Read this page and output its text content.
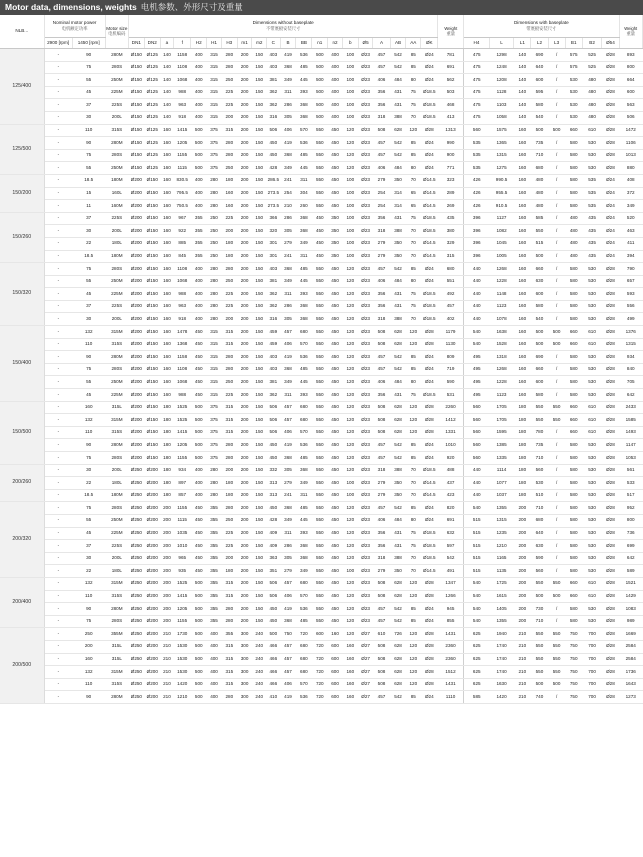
Motor data, dimensions, weights 电机参数、外形尺寸及重量
NLB...	Nominal motor power
电机额定功率		Motor size
电机编码	Dimensions without baseplate
不带底板安装尺寸																				Weight
重量	Dimensions with baseplate
带底板安装尺寸								Weight
重量

	2900 [rpm]	1450 [rpm]		DN1	DN2	a	f	H2	H1	H3	m1	m2	C	B	BB	n1	n2	b	Ø5	A	AB	AA	ØK		H4	L	L1	L2	L3	B1	B2	Ø54	
125/400	-	90	280M	Ø150	Ø125	140	1158	400	315	280	200	150	403	419	536	500	400	100	Ø23	457	542	85	Ø24	781	475	1298	140	690	/	575	525	Ø28	893
	-	75	280S	Ø150	Ø125	140	1108	400	315	280	200	150	403	368	485	500	400	100	Ø23	457	542	85	Ø24	691	475	1248	140	640	/	575	525	Ø28	800
	-	55	250M	Ø150	Ø125	140	1068	400	315	250	200	150	381	349	445	500	400	100	Ø23	406	484	80	Ø24	562	475	1208	140	600	/	530	480	Ø28	664
	-	45	225M	Ø150	Ø125	140	988	400	315	225	200	150	362	311	393	500	400	100	Ø23	356	431	75	Ø18.5	503	475	1128	140	595	/	530	480	Ø28	600
	-	37	225S	Ø150	Ø125	140	963	400	315	225	200	150	362	286	368	500	400	100	Ø23	356	431	75	Ø18.5	468	475	1103	140	580	/	530	480	Ø28	563
	-	30	200L	Ø150	Ø125	140	918	400	315	200	200	150	316	305	368	500	400	100	Ø23	318	388	70	Ø18.5	413	475	1058	140	540	/	530	480	Ø28	506
125/500	-	110	315S	Ø150	Ø125	160	1415	500	375	315	200	150	506	406	570	550	450	120	Ø23	508	628	120	Ø28	1313	560	1575	160	500	500	660	610	Ø28	1472
	-	90	280M	Ø150	Ø125	160	1205	500	375	280	200	150	450	419	536	550	450	120	Ø23	457	542	85	Ø24	990	535	1365	160	735	/	580	530	Ø28	1106
	-	75	280S	Ø150	Ø125	160	1155	500	375	280	200	150	450	368	485	550	450	120	Ø23	457	542	85	Ø24	900	535	1315	160	710	/	580	530	Ø28	1013
	-	55	250M	Ø150	Ø125	160	1115	500	375	250	200	150	428	349	445	550	450	120	Ø23	406	484	80	Ø24	771	535	1275	160	680	/	580	530	Ø28	880
150/200	-	18.5	180M	Ø200	Ø150	160	830.5	400	280	180	200	150	286.5	241	311	550	450	100	Ø23	279	350	70	Ø14.5	323	426	990.5	160	480	/	580	535	Ø24	408
	-	15	160L	Ø200	Ø150	160	795.5	400	280	160	200	150	273.5	254	304	550	450	100	Ø23	254	314	65	Ø14.5	289	426	955.5	160	480	/	580	535	Ø24	372
	-	11	160M	Ø200	Ø150	160	750.5	400	280	160	200	150	273.5	210	260	550	450	100	Ø23	254	314	65	Ø14.5	269	426	910.5	160	480	/	580	535	Ø24	349
150/260	-	37	225S	Ø200	Ø150	160	967	355	250	225	200	150	366	286	368	450	350	100	Ø23	356	431	75	Ø18.5	435	396	1127	160	585	/	480	435	Ø24	520
	-	30	200L	Ø200	Ø150	160	922	355	250	200	200	150	320	305	368	450	350	100	Ø23	318	388	70	Ø18.5	380	396	1082	160	550	/	480	435	Ø24	463
	-	22	180L	Ø200	Ø150	160	885	355	250	180	200	150	301	279	349	450	350	100	Ø23	279	350	70	Ø14.5	329	396	1045	160	515	/	480	435	Ø24	411
	-	18.5	180M	Ø200	Ø150	160	845	355	250	180	200	150	301	241	311	450	350	100	Ø23	279	350	70	Ø14.5	315	396	1005	160	500	/	480	435	Ø24	394
150/320	-	75	280S	Ø200	Ø150	160	1108	400	280	280	200	150	403	368	485	550	450	120	Ø23	457	542	85	Ø24	680	440	1268	160	660	/	580	530	Ø28	790
	-	55	250M	Ø200	Ø150	160	1068	400	280	250	200	150	381	349	445	550	450	120	Ø23	406	484	80	Ø24	551	440	1228	160	630	/	580	530	Ø28	657
	-	45	225M	Ø200	Ø150	160	988	400	280	225	200	150	362	311	393	550	450	120	Ø23	356	431	75	Ø18.5	492	440	1148	160	600	/	580	530	Ø28	593
	-	37	225S	Ø200	Ø150	160	963	400	280	225	200	150	362	286	368	550	450	120	Ø23	356	431	75	Ø18.5	457	440	1123	160	580	/	580	530	Ø28	556
	-	30	200L	Ø200	Ø150	160	918	400	280	200	200	150	316	305	368	550	450	120	Ø23	318	388	70	Ø18.5	402	440	1078	160	540	/	580	530	Ø28	499
150/400	-	132	315M	Ø200	Ø150	160	1478	450	315	315	200	150	459	457	680	550	450	120	Ø23	508	628	120	Ø28	1179	540	1638	160	500	500	660	610	Ø28	1376
	-	110	315S	Ø200	Ø150	160	1368	450	315	315	200	150	459	406	570	550	450	120	Ø23	508	628	120	Ø28	1130	540	1528	160	500	500	660	610	Ø28	1315
	-	90	280M	Ø200	Ø150	160	1158	450	315	280	200	150	403	419	536	550	450	120	Ø23	457	542	85	Ø24	809	495	1318	160	690	/	580	530	Ø28	934
	-	75	280S	Ø200	Ø150	160	1108	450	315	280	200	150	403	368	485	550	450	120	Ø23	457	542	85	Ø24	719	495	1268	160	660	/	580	530	Ø28	840
	-	55	250M	Ø200	Ø150	160	1068	450	315	250	200	150	381	349	445	550	450	120	Ø23	406	484	80	Ø24	590	495	1228	160	600	/	580	530	Ø28	705
	-	45	225M	Ø200	Ø150	160	988	450	315	225	200	150	362	311	393	550	450	120	Ø23	356	431	75	Ø18.5	531	495	1123	160	580	/	580	530	Ø28	642
150/500	-	160	315L	Ø200	Ø150	180	1525	500	375	315	200	150	506	457	680	550	450	120	Ø23	508	628	120	Ø28	2260	560	1705	180	550	550	660	610	Ø28	2433
	-	132	315M	Ø200	Ø150	180	1525	500	375	315	200	150	506	457	680	550	450	120	Ø23	508	628	120	Ø28	1412	560	1705	180	550	550	660	610	Ø28	1585
	-	110	315S	Ø200	Ø150	180	1415	500	375	315	200	150	506	406	570	550	450	120	Ø23	508	628	120	Ø28	1331	560	1595	180	780	/	660	610	Ø28	1493
	-	90	280M	Ø200	Ø150	180	1205	500	375	280	200	150	450	419	536	550	450	120	Ø23	457	542	85	Ø24	1010	560	1385	180	735	/	580	530	Ø28	1147
	-	75	280S	Ø200	Ø150	180	1155	500	375	280	200	150	450	368	485	550	450	120	Ø23	457	542	85	Ø24	920	560	1335	180	710	/	580	530	Ø28	1053
200/260	-	30	200L	Ø250	Ø200	180	934	400	280	200	200	150	332	305	368	550	450	120	Ø23	318	388	70	Ø18.5	488	440	1114	180	560	/	580	530	Ø28	561
	-	22	180L	Ø250	Ø200	180	897	400	280	180	200	150	313	279	349	550	450	100	Ø23	279	350	70	Ø14.5	437	440	1077	180	530	/	580	530	Ø28	533
	-	18.5	180M	Ø250	Ø200	180	857	400	280	180	200	150	313	241	311	550	450	100	Ø23	279	350	70	Ø14.5	423	440	1037	180	510	/	580	530	Ø28	517
200/320	-	75	280S	Ø250	Ø200	200	1155	450	355	280	200	150	450	368	485	550	450	120	Ø23	457	542	85	Ø24	820	540	1355	200	710	/	580	530	Ø28	952
	-	55	250M	Ø250	Ø200	200	1115	450	355	250	200	150	428	349	445	550	450	120	Ø23	406	484	80	Ø24	691	515	1315	200	680	/	580	530	Ø28	800
	-	45	225M	Ø250	Ø200	200	1035	450	355	225	200	150	409	311	393	550	450	120	Ø23	356	431	75	Ø18.5	632	515	1235	200	640	/	580	530	Ø28	736
	-	37	225S	Ø250	Ø200	200	1010	450	355	225	200	150	409	286	368	550	450	120	Ø23	356	431	75	Ø18.5	597	515	1210	200	630	/	580	530	Ø28	699
	-	30	200L	Ø250	Ø200	200	965	450	355	200	200	150	363	305	368	550	450	120	Ø23	318	388	70	Ø18.5	542	515	1165	200	590	/	580	530	Ø28	642
	-	22	180L	Ø250	Ø200	200	935	450	355	180	200	150	351	279	349	550	450	100	Ø23	279	350	70	Ø14.5	491	515	1135	200	560	/	580	530	Ø28	589
200/400	-	132	315M	Ø250	Ø200	200	1525	500	355	315	200	150	506	457	680	550	450	120	Ø23	508	628	120	Ø28	1347	540	1725	200	550	550	660	610	Ø28	1521
	-	110	315S	Ø250	Ø200	200	1415	500	355	315	200	150	506	406	570	550	450	120	Ø23	508	628	120	Ø28	1266	540	1615	200	500	500	660	610	Ø28	1429
	-	90	280M	Ø250	Ø200	200	1205	500	355	280	200	150	450	419	536	550	450	120	Ø23	457	542	85	Ø24	945	540	1405	200	730	/	580	530	Ø28	1083
	-	75	280S	Ø250	Ø200	200	1155	500	355	280	200	150	450	368	485	550	450	120	Ø23	457	542	85	Ø24	855	540	1355	200	710	/	580	530	Ø28	989
200/500	-	250	355M	Ø250	Ø200	210	1730	500	400	355	300	240	500	750	720	600	160	120	Ø27	610	726	120	Ø28	1431	625	1940	210	550	550	750	700	Ø28	1669
	-	200	315L	Ø250	Ø200	210	1530	500	400	315	300	240	466	457	680	720	600	160	Ø27	508	628	120	Ø28	2360	625	1740	210	550	550	750	700	Ø28	2584
	-	160	315L	Ø250	Ø200	210	1530	500	400	315	300	240	466	457	680	720	600	160	Ø27	508	628	120	Ø28	2360	625	1740	210	550	550	750	700	Ø28	2584
	-	132	315M	Ø250	Ø200	210	1530	500	400	315	300	240	466	457	680	720	600	160	Ø27	508	628	120	Ø28	1512	625	1740	210	550	550	750	700	Ø28	1736
	-	110	315S	Ø250	Ø200	210	1420	500	400	315	300	240	466	406	570	720	600	160	Ø27	508	628	120	Ø28	1431	625	1630	210	500	500	750	700	Ø28	1643
	-	90	280M	Ø250	Ø200	210	1210	500	400	280	300	240	410	419	536	720	600	160	Ø27	457	542	85	Ø24	1110	585	1420	210	740	/	750	700	Ø28	1273
